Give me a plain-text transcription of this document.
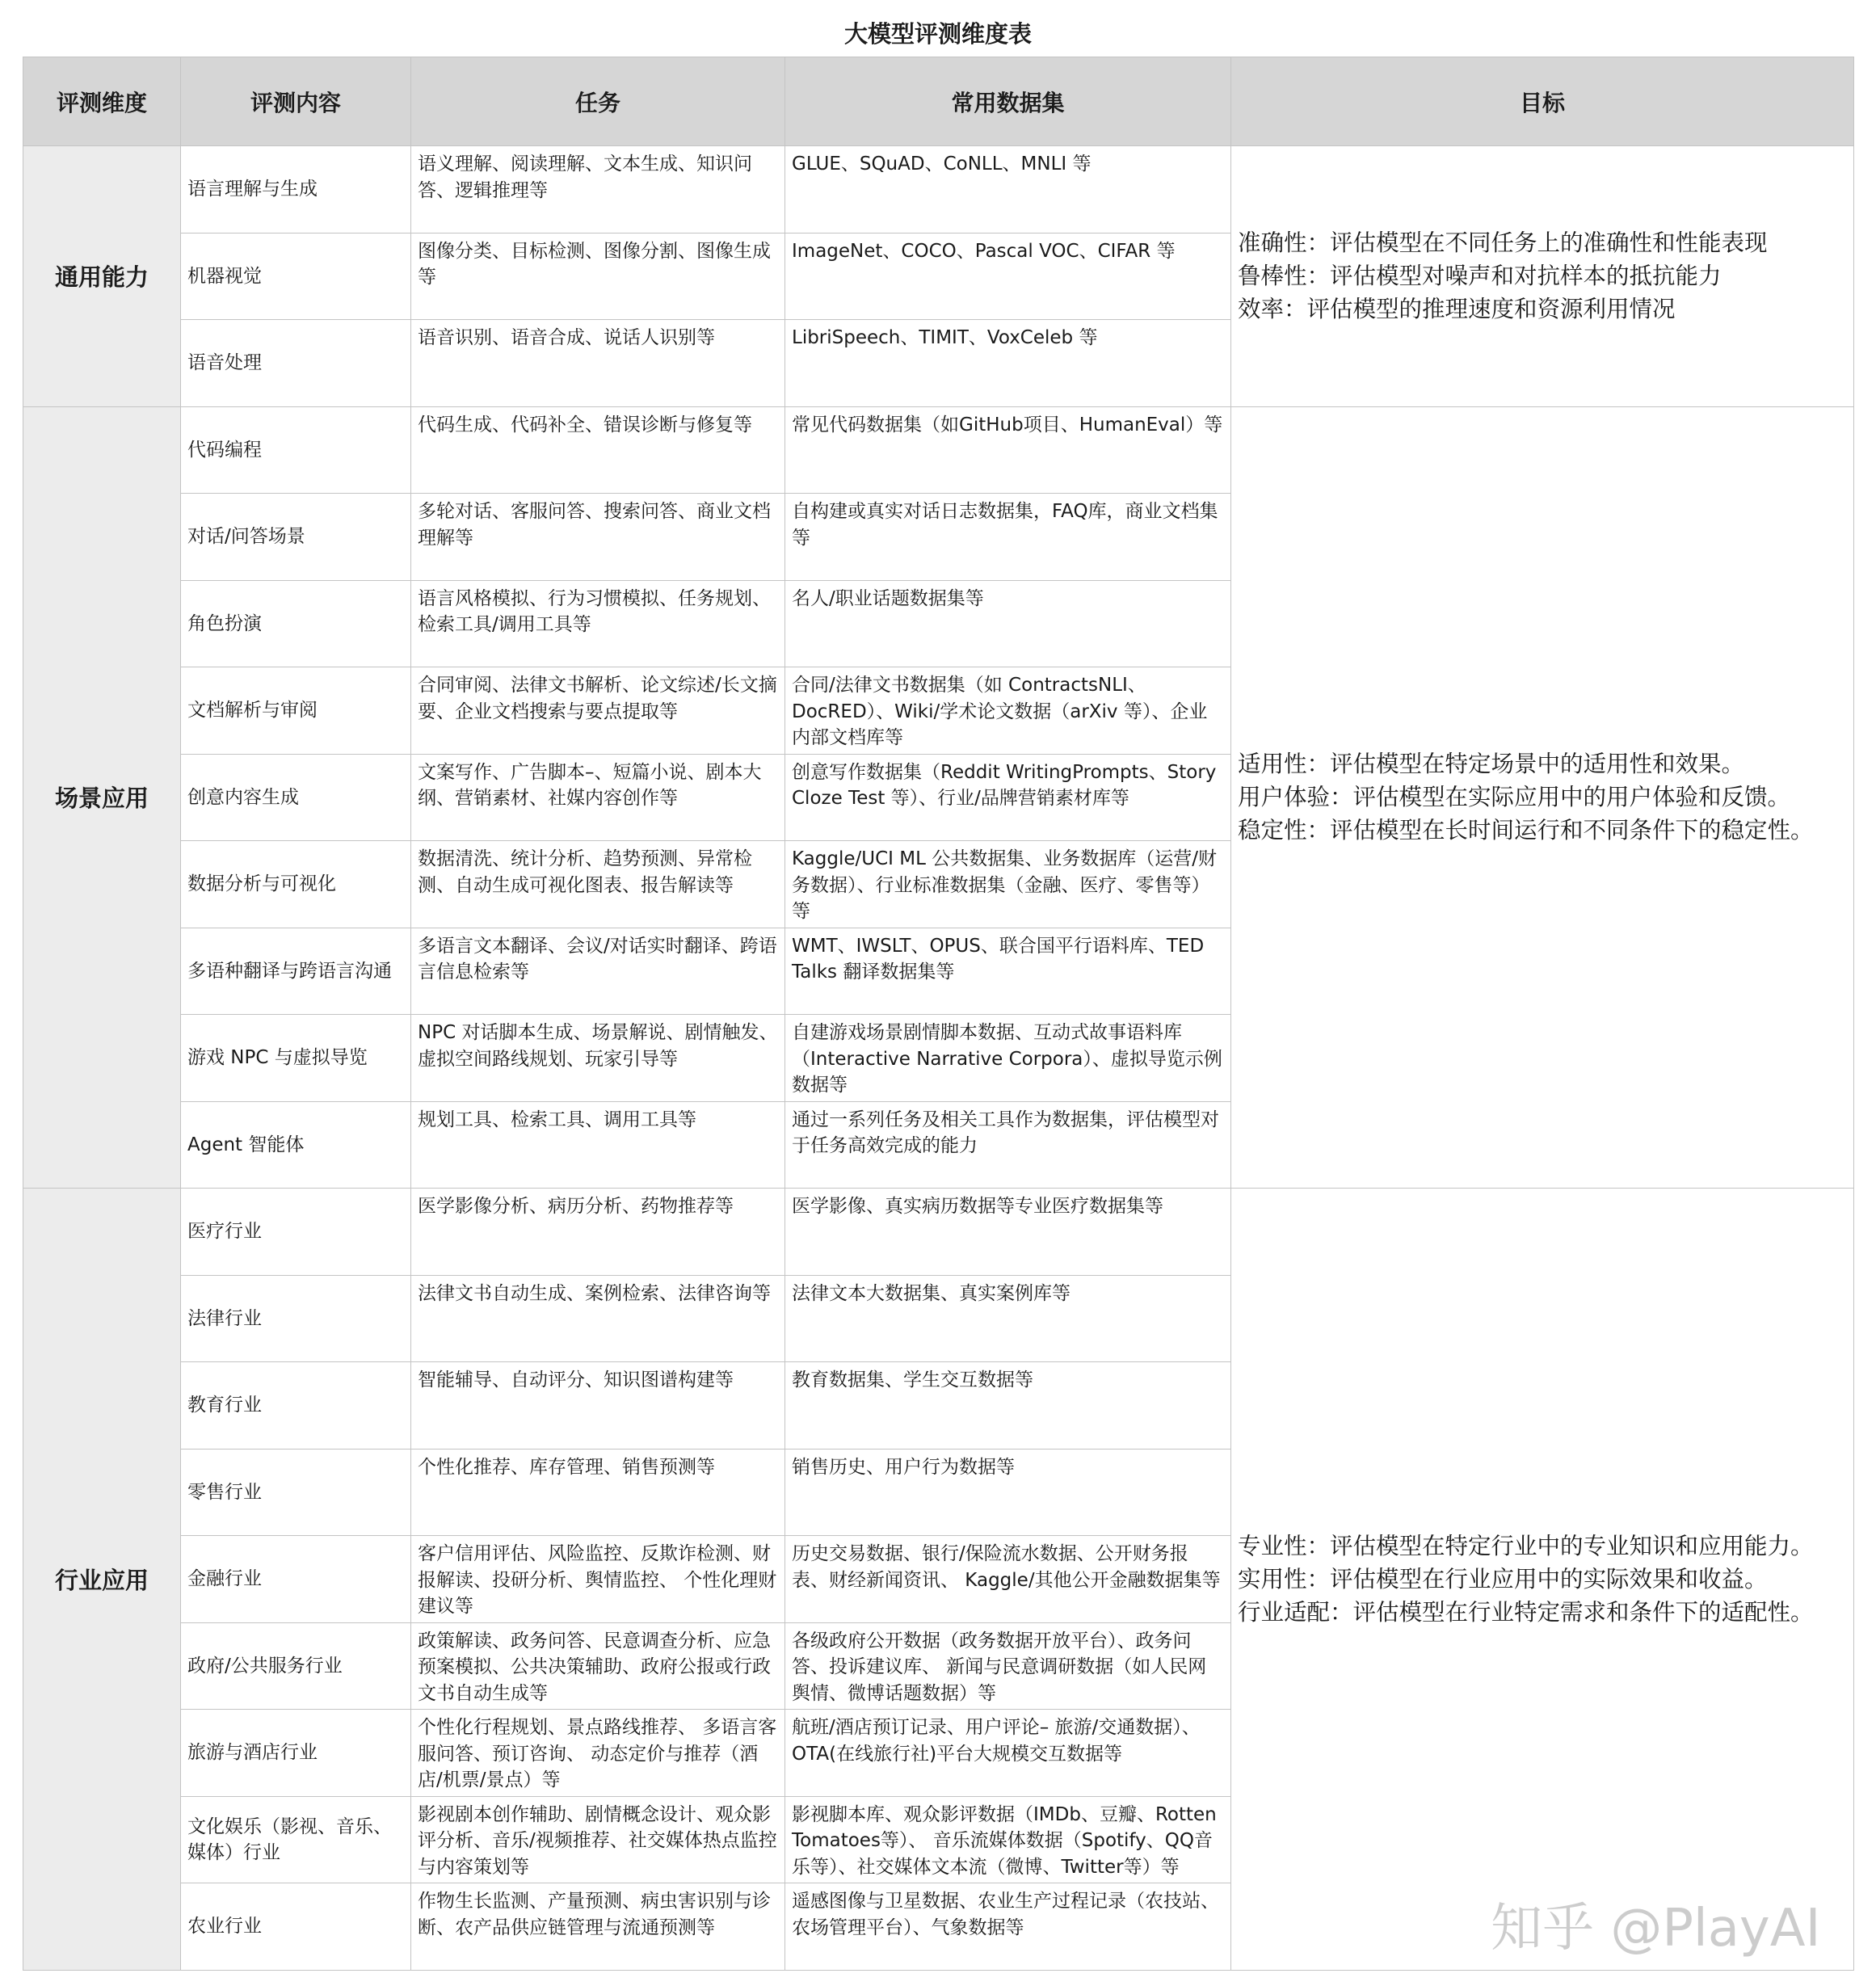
大模型评测维度表
评测维度	评测内容	任务	常用数据集	目标
通用能力	语言理解与生成	语义理解、阅读理解、文本生成、知识问答、逻辑推理等	GLUE、SQuAD、CoNLL、MNLI 等	准确性：评估模型在不同任务上的准确性和性能表现
鲁棒性：评估模型对噪声和对抗样本的抵抗能力
效率：评估模型的推理速度和资源利用情况

	机器视觉	图像分类、目标检测、图像分割、图像生成等	ImageNet、COCO、Pascal VOC、CIFAR 等	
	语音处理	语音识别、语音合成、说话人识别等	LibriSpeech、TIMIT、VoxCeleb 等	
场景应用	代码编程	代码生成、代码补全、错误诊断与修复等	常见代码数据集（如GitHub项目、HumanEval）等	适用性：评估模型在特定场景中的适用性和效果。
用户体验：评估模型在实际应用中的用户体验和反馈。
稳定性：评估模型在长时间运行和不同条件下的稳定性。

	对话/问答场景	多轮对话、客服问答、搜索问答、商业文档理解等	自构建或真实对话日志数据集，FAQ库，商业文档集等	
	角色扮演	语言风格模拟、行为习惯模拟、任务规划、检索工具/调用工具等	名人/职业话题数据集等	
	文档解析与审阅	合同审阅、法律文书解析、论文综述/长文摘要、企业文档搜索与要点提取等	合同/法律文书数据集（如 ContractsNLI、DocRED）、Wiki/学术论文数据（arXiv 等）、企业内部文档库等	
	创意内容生成	文案写作、广告脚本–、短篇小说、剧本大纲、营销素材、社媒内容创作等	创意写作数据集（Reddit WritingPrompts、Story Cloze Test 等）、行业/品牌营销素材库等	
	数据分析与可视化	数据清洗、统计分析、趋势预测、异常检测、自动生成可视化图表、报告解读等	Kaggle/UCI ML 公共数据集、业务数据库（运营/财务数据）、行业标准数据集（金融、医疗、零售等）等	
	多语种翻译与跨语言沟通	多语言文本翻译、会议/对话实时翻译、跨语言信息检索等	WMT、IWSLT、OPUS、联合国平行语料库、TED Talks 翻译数据集等	
	游戏 NPC 与虚拟导览	NPC 对话脚本生成、场景解说、剧情触发、 虚拟空间路线规划、玩家引导等	自建游戏场景剧情脚本数据、互动式故事语料库（Interactive Narrative Corpora）、虚拟导览示例数据等	
	Agent 智能体	规划工具、检索工具、调用工具等	通过一系列任务及相关工具作为数据集，评估模型对于任务高效完成的能力	
行业应用	医疗行业	医学影像分析、病历分析、药物推荐等	医学影像、真实病历数据等专业医疗数据集等	专业性：评估模型在特定行业中的专业知识和应用能力。
实用性：评估模型在行业应用中的实际效果和收益。
行业适配：评估模型在行业特定需求和条件下的适配性。

	法律行业	法律文书自动生成、案例检索、法律咨询等	法律文本大数据集、真实案例库等	
	教育行业	智能辅导、自动评分、知识图谱构建等	教育数据集、学生交互数据等	
	零售行业	个性化推荐、库存管理、销售预测等	销售历史、用户行为数据等	
	金融行业	客户信用评估、风险监控、反欺诈检测、财报解读、投研分析、舆情监控、 个性化理财建议等	历史交易数据、银行/保险流水数据、公开财务报表、财经新闻资讯、 Kaggle/其他公开金融数据集等	
	政府/公共服务行业	政策解读、政务问答、民意调查分析、应急预案模拟、公共决策辅助、政府公报或行政文书自动生成等	各级政府公开数据（政务数据开放平台）、政务问答、投诉建议库、 新闻与民意调研数据（如人民网舆情、微博话题数据）等	
	旅游与酒店行业	个性化行程规划、景点路线推荐、 多语言客服问答、预订咨询、 动态定价与推荐（酒店/机票/景点）等	航班/酒店预订记录、用户评论– 旅游/交通数据）、 OTA(在线旅行社)平台大规模交互数据等	
	文化娱乐（影视、音乐、媒体）行业	影视剧本创作辅助、剧情概念设计、观众影评分析、音乐/视频推荐、社交媒体热点监控与内容策划等	影视脚本库、观众影评数据（IMDb、豆瓣、Rotten Tomatoes等）、 音乐流媒体数据（Spotify、QQ音乐等）、社交媒体文本流（微博、Twitter等）等	
	农业行业	作物生长监测、产量预测、病虫害识别与诊断、农产品供应链管理与流通预测等	遥感图像与卫星数据、农业生产过程记录（农技站、农场管理平台）、气象数据等		知乎 @PlayAI
